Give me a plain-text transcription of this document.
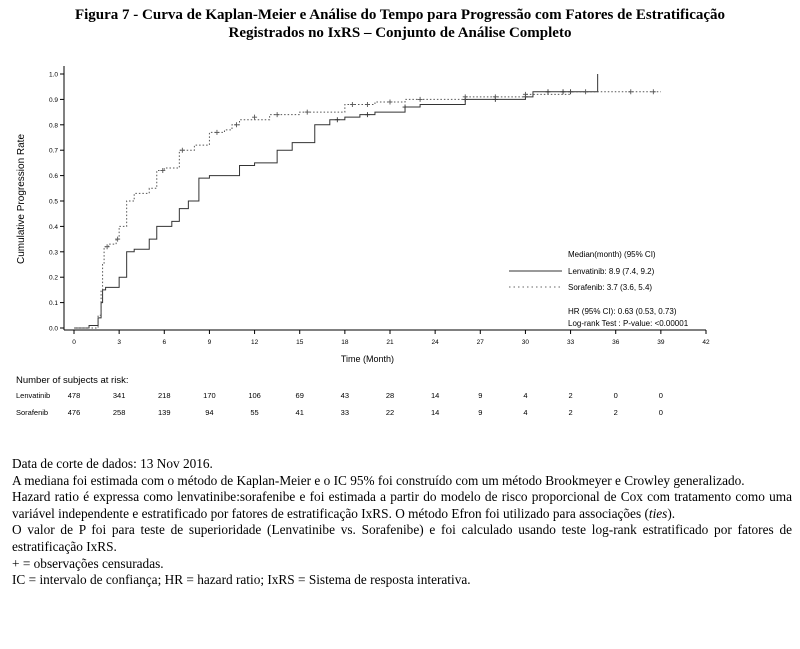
Figura 7 - Curva de Kaplan-Meier e Análise do Tempo para Progressão com Fatores de Estratificação
Registrados no IxRS – Conjunto de Análise Completo
0.0
0.1
0.2
0.3
0.4
0.5
0.6
0.7
0.8
0.9
1.0
0	3	6	9	12	15	18	21	24	27	30	33	36	39	42
Time (Month)
Cumulative Progression Rate	Median(month) (95% CI)
Lenvatinib: 8.9 (7.4, 9.2)
Sorafenib: 3.7 (3.6, 5.4)
HR (95% CI): 0.63 (0.53, 0.73)
Log-rank Test : P-value: <0.00001
Number of subjects at risk:
Lenvatinib 478	341	218	170	106	69	43	28	14	9	4	2	0	0
Sorafenib	476	258	139	94	55	41	33	22	14	9	4	2	2	0

Data de corte de dados: 13 Nov 2016.

A mediana foi estimada com o método de Kaplan-Meier e o IC 95% foi construído com um método Brookmeyer e Crowley generalizado.

Hazard ratio é expressa como lenvatinibe:sorafenibe e foi estimada a partir do modelo de risco proporcional de Cox com tratamento como uma variável independente e estratificado por fatores de estratificação IxRS. O método Efron foi utilizado para associações (ties).

O valor de P foi para teste de superioridade (Lenvatinibe vs. Sorafenibe) e foi calculado usando teste log-rank estratificado por fatores de estratificação IxRS.

+ = observações censuradas.

IC = intervalo de confiança; HR = hazard ratio; IxRS = Sistema de resposta interativa.
